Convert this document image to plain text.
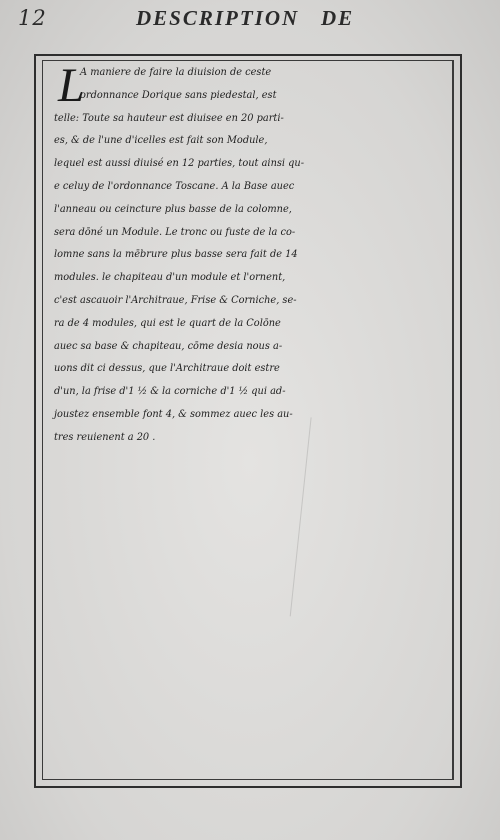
12	DESCRIPTION   DE
L
A maniere de faire la diuision de ceste
ordonnance Dorique sans piedestal, est
telle: Toute sa hauteur est diuisee en 20 parti-
es, & de l'une d'icelles est fait son Module,
lequel est aussi diuisé en 12 parties, tout ainsi qu-
e celuy de l'ordonnance Toscane. A la Base auec
l'anneau ou ceincture plus basse de la colomne,
sera dōné un Module. Le tronc ou fuste de la co-
lomne sans la mēbrure plus basse sera fait de 14
modules. le chapiteau d'un module et l'ornent,
c'est ascauoir l'Architraue, Frise & Corniche, se-
ra de 4 modules, qui est le quart de la Colōne
auec sa base & chapiteau, cōme desia nous a-
uons dit ci dessus, que l'Architraue doit estre
d'un, la frise d'1 ½ & la corniche d'1 ½ qui ad-
joustez ensemble font 4, & sommez auec les au-
tres reuienent a 20 .
